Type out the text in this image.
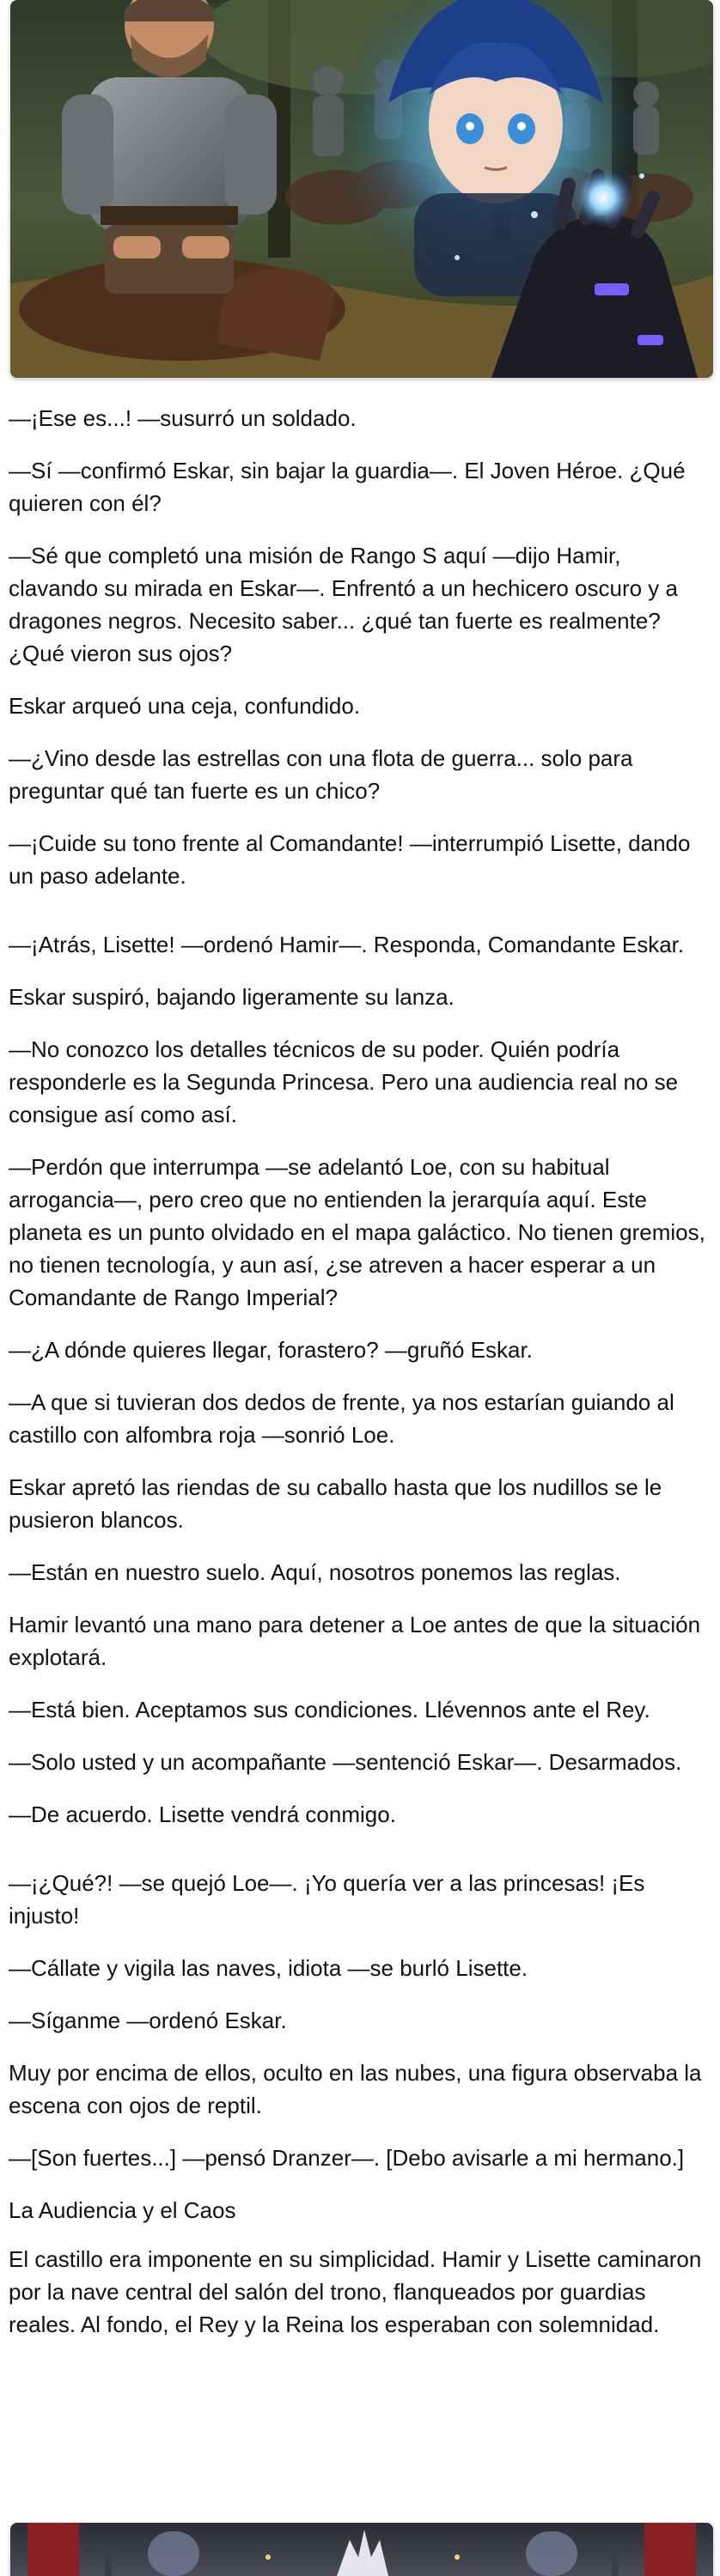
—¡Ese es...! —susurró un soldado.

—Sí —confirmó Eskar, sin bajar la guardia—. El Joven Héroe. ¿Qué quieren con él?

—Sé que completó una misión de Rango S aquí —dijo Hamir, clavando su mirada en Eskar—. Enfrentó a un hechicero oscuro y a dragones negros. Necesito saber... ¿qué tan fuerte es realmente? ¿Qué vieron sus ojos?

Eskar arqueó una ceja, confundido.

—¿Vino desde las estrellas con una flota de guerra... solo para preguntar qué tan fuerte es un chico?

—¡Cuide su tono frente al Comandante! —interrumpió Lisette, dando un paso adelante.

—¡Atrás, Lisette! —ordenó Hamir—. Responda, Comandante Eskar.

Eskar suspiró, bajando ligeramente su lanza.

—No conozco los detalles técnicos de su poder. Quién podría responderle es la Segunda Princesa. Pero una audiencia real no se consigue así como así.

—Perdón que interrumpa —se adelantó Loe, con su habitual arrogancia—, pero creo que no entienden la jerarquía aquí. Este planeta es un punto olvidado en el mapa galáctico. No tienen gremios, no tienen tecnología, y aun así, ¿se atreven a hacer esperar a un Comandante de Rango Imperial?

—¿A dónde quieres llegar, forastero? —gruñó Eskar.

—A que si tuvieran dos dedos de frente, ya nos estarían guiando al castillo con alfombra roja —sonrió Loe.

Eskar apretó las riendas de su caballo hasta que los nudillos se le pusieron blancos.

—Están en nuestro suelo. Aquí, nosotros ponemos las reglas.

Hamir levantó una mano para detener a Loe antes de que la situación explotará.

—Está bien. Aceptamos sus condiciones. Llévennos ante el Rey.

—Solo usted y un acompañante —sentenció Eskar—. Desarmados.

—De acuerdo. Lisette vendrá conmigo.

—¡¿Qué?! —se quejó Loe—. ¡Yo quería ver a las princesas! ¡Es injusto!

—Cállate y vigila las naves, idiota —se burló Lisette.

—Síganme —ordenó Eskar.

Muy por encima de ellos, oculto en las nubes, una figura observaba la escena con ojos de reptil.

—[Son fuertes...] —pensó Dranzer—. [Debo avisarle a mi hermano.]

La Audiencia y el Caos

El castillo era imponente en su simplicidad. Hamir y Lisette caminaron por la nave central del salón del trono, flanqueados por guardias reales. Al fondo, el Rey y la Reina los esperaban con solemnidad.
